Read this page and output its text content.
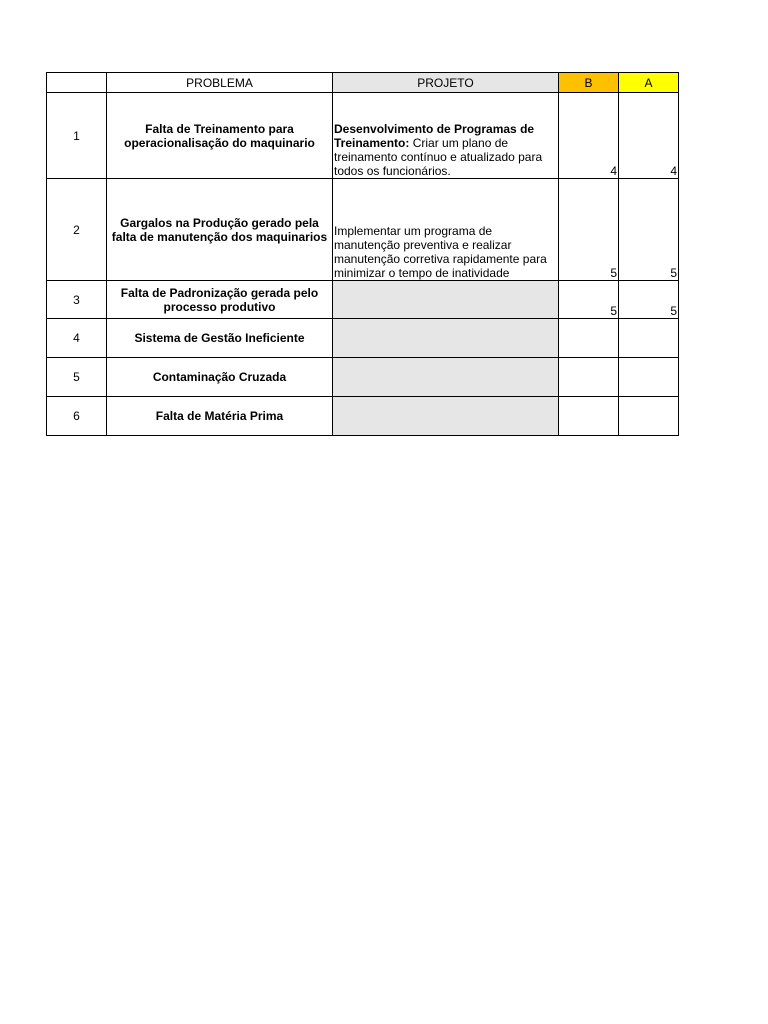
	PROBLEMA	PROJETO	B	A
1	Falta de Treinamento para operacionalisação do maquinario	Desenvolvimento de Programas de Treinamento: Criar um plano de treinamento contínuo e atualizado para todos os funcionários.	4	4
2	Gargalos na Produção gerado pela falta de manutenção dos maquinarios	Implementar um programa de manutenção preventiva e realizar manutenção corretiva rapidamente para minimizar o tempo de inatividade	5	5
3	Falta de Padronização gerada pelo processo produtivo		5	5
4	Sistema de Gestão Ineficiente			
5	Contaminação Cruzada			
6	Falta de Matéria Prima			
